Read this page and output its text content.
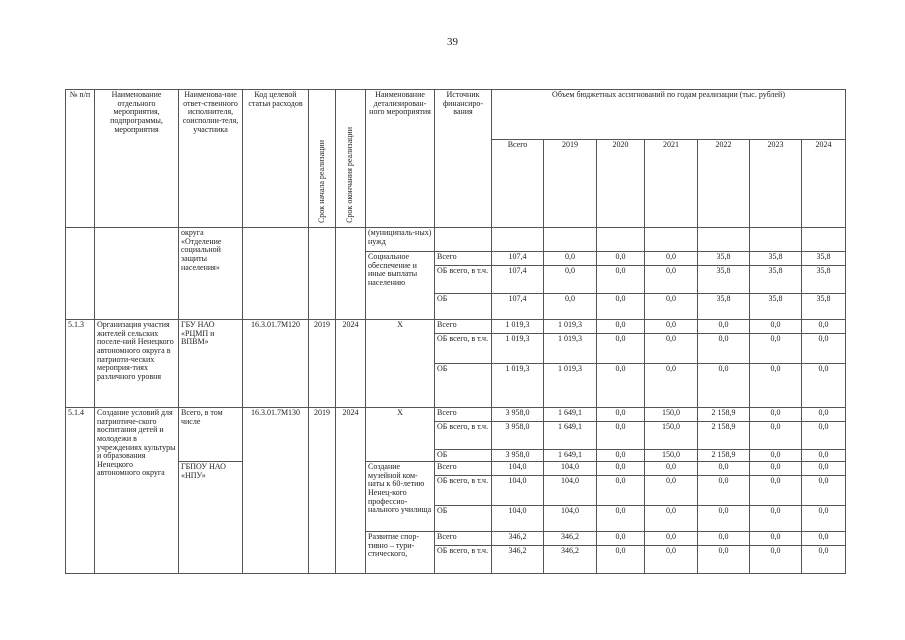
39
№ п/п	Наименование отдельного мероприятия, подпрограммы, мероприятия	Наименова-ние ответ-ственного исполнителя, соисполни-теля, участника	Код целевой статьи расходов	Срок начала реализации	Срок окончания реализации	Наименование детализирован-ного мероприятия	Источник финансиро-вания	Объем бюджетных ассигнований по годам реализации (тыс. рублей)						
								Всего	2019	2020	2021	2022	2023	2024
		округа «Отделение социальной защиты населения»				(муниципаль-ных) нужд								
						Социальное обеспечение и иные выплаты населению	Всего	107,4	0,0	0,0	0,0	35,8	35,8	35,8
							ОБ всего, в т.ч.	107,4	0,0	0,0	0,0	35,8	35,8	35,8
							ОБ	107,4	0,0	0,0	0,0	35,8	35,8	35,8
5.1.3	Организация участия жителей сельских поселе-ний Ненецкого автономного округа в патриоти-ческих мероприя-тиях различного уровня	ГБУ НАО «РЦМП и ВПВМ»	16.3.01.7М120	2019	2024	Х	Всего	1 019,3	1 019,3	0,0	0,0	0,0	0,0	0,0
							ОБ всего, в т.ч.	1 019,3	1 019,3	0,0	0,0	0,0	0,0	0,0
							ОБ	1 019,3	1 019,3	0,0	0,0	0,0	0,0	0,0
5.1.4	Создание условий для патриотиче-ского воспитания детей и молодежи в учреждениях культуры и образования Ненецкого автономного округа	Всего, в том числе	16.3.01.7М130	2019	2024	Х	Всего	3 958,0	1 649,1	0,0	150,0	2 158,9	0,0	0,0
							ОБ всего, в т.ч.	3 958,0	1 649,1	0,0	150,0	2 158,9	0,0	0,0
							ОБ	3 958,0	1 649,1	0,0	150,0	2 158,9	0,0	0,0
		ГБПОУ НАО «НПУ»				Создание музейной ком-наты к 60-летию Ненец-кого профессио-нального училища	Всего	104,0	104,0	0,0	0,0	0,0	0,0	0,0
							ОБ всего, в т.ч.	104,0	104,0	0,0	0,0	0,0	0,0	0,0
							ОБ	104,0	104,0	0,0	0,0	0,0	0,0	0,0
						Развитие спор-тивно – тури-стического,	Всего	346,2	346,2	0,0	0,0	0,0	0,0	0,0
							ОБ всего, в т.ч.	346,2	346,2	0,0	0,0	0,0	0,0	0,0
